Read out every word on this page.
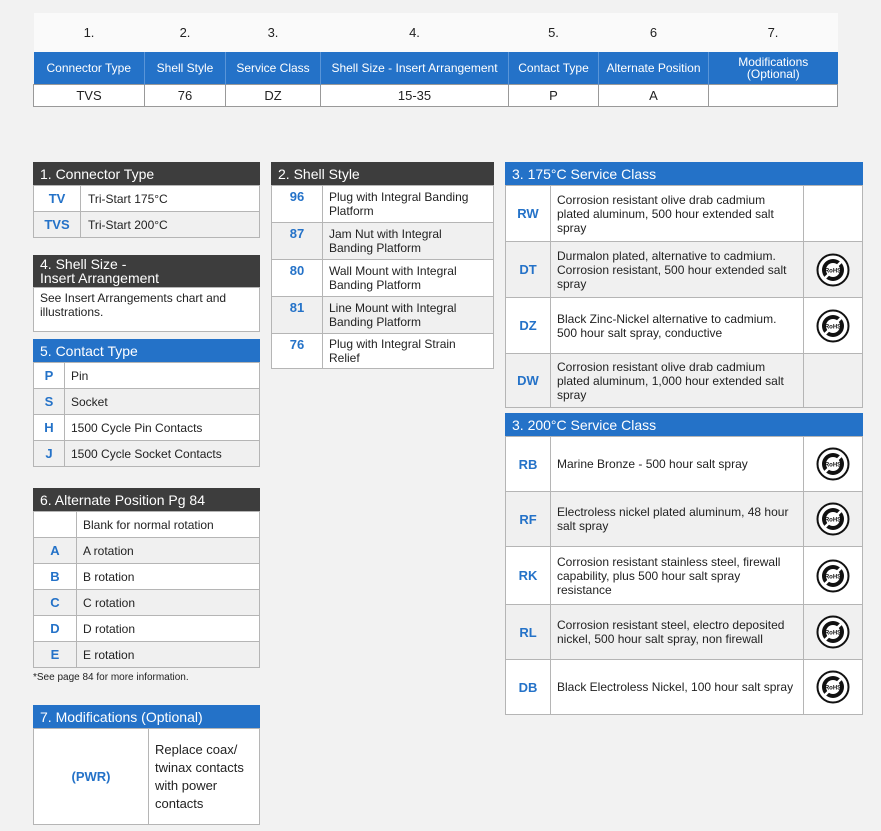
1.	2.	3.	4.	5.	6	7.
Connector Type	Shell Style	Service Class	Shell Size - Insert Arrangement	Contact Type	Alternate Position	Modifications (Optional)
TVS	76	DZ	15-35	P	A	
1. Connector Type
TV	Tri-Start 175°C
TVS	Tri-Start 200°C
4. Shell Size -
Insert Arrangement
See Insert Arrangements chart and illustrations.
5. Contact Type
P	Pin
S	Socket
H	1500 Cycle Pin Contacts
J	1500 Cycle Socket Contacts
6. Alternate Position Pg 84
	Blank for normal rotation
A	A rotation
B	B rotation
C	C rotation
D	D rotation
E	E rotation
*See page 84 for more information.
7. Modifications (Optional)
(PWR)	Replace coax/ twinax contacts with power contacts
2. Shell Style
96	Plug with Integral Banding Platform
87	Jam Nut with Integral Banding Platform
80	Wall Mount with Integral Banding Platform
81	Line Mount with Integral Banding Platform
76	Plug with Integral Strain Relief
3. 175°C Service Class
RW	Corrosion resistant olive drab cadmium plated aluminum, 500 hour extended salt spray	
DT	Durmalon plated, alternative to cadmium. Corrosion resistant, 500 hour extended salt spray	RoHS

DZ	Black Zinc-Nickel alternative to cadmium. 500 hour salt spray, conductive	RoHS

DW	Corrosion resistant olive drab cadmium plated aluminum, 1,000 hour extended salt spray	
3. 200°C Service Class
RB	Marine Bronze - 500 hour salt spray	RoHS

RF	Electroless nickel plated aluminum, 48 hour salt spray	RoHS

RK	Corrosion resistant stainless steel, firewall capability, plus 500 hour salt spray resistance	RoHS

RL	Corrosion resistant steel, electro deposited nickel, 500 hour salt spray, non firewall	RoHS

DB	Black Electroless Nickel, 100 hour salt spray	RoHS
